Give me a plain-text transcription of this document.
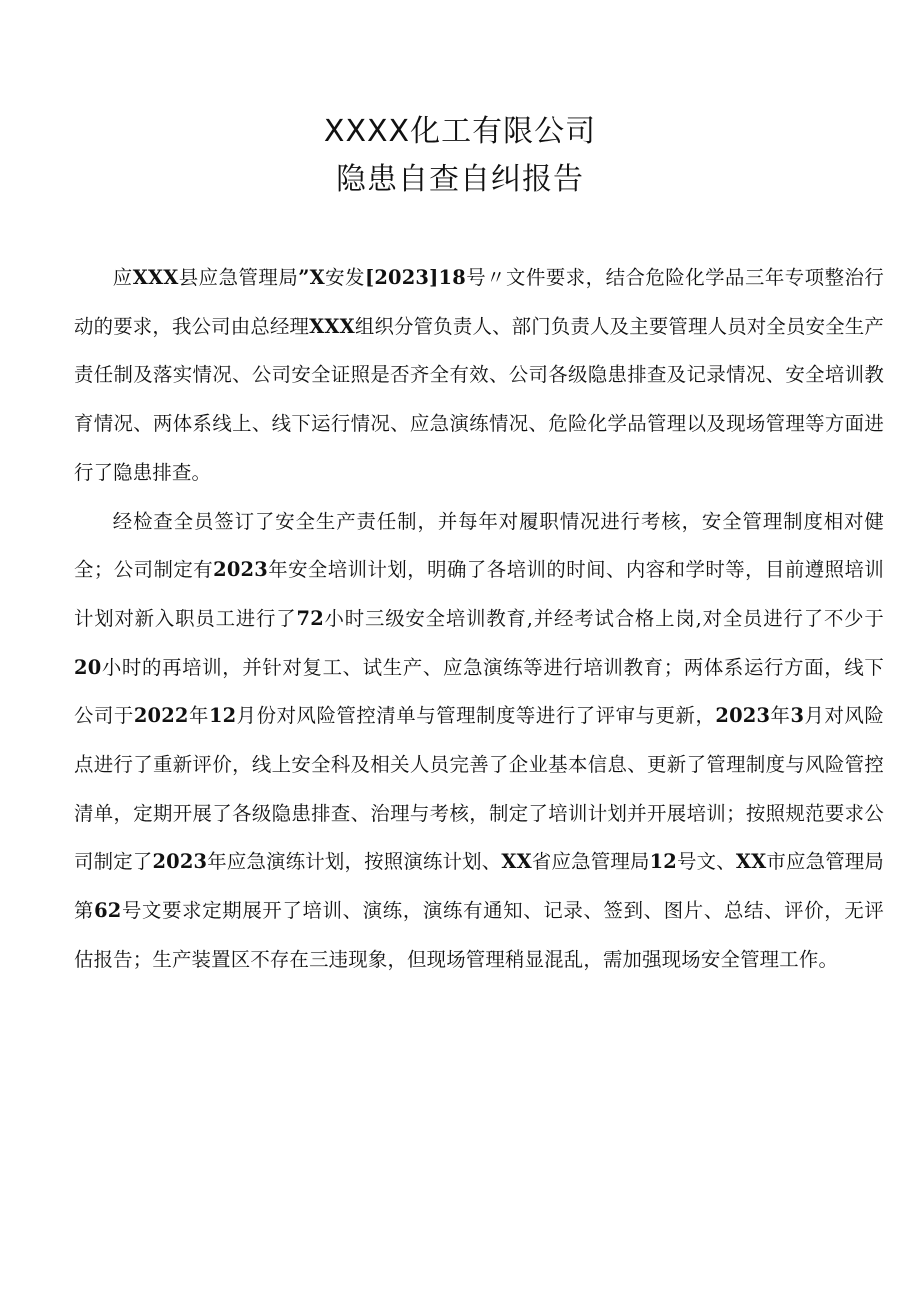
XXXX化工有限公司
隐患自查自纠报告

应XXX县应急管理局”X安发[2023]18号〃文件要求，结合危险化学品三年专项整治行动的要求，我公司由总经理XXX组织分管负责人、部门负责人及主要管理人员对全员安全生产责任制及落实情况、公司安全证照是否齐全有效、公司各级隐患排查及记录情况、安全培训教育情况、两体系线上、线下运行情况、应急演练情况、危险化学品管理以及现场管理等方面进行了隐患排查。

经检查全员签订了安全生产责任制，并每年对履职情况进行考核，安全管理制度相对健全；公司制定有2023年安全培训计划，明确了各培训的时间、内容和学时等，目前遵照培训计划对新入职员工进行了72小时三级安全培训教育,并经考试合格上岗,对全员进行了不少于20小时的再培训，并针对复工、试生产、应急演练等进行培训教育；两体系运行方面，线下公司于2022年12月份对风险管控清单与管理制度等进行了评审与更新，2023年3月对风险点进行了重新评价，线上安全科及相关人员完善了企业基本信息、更新了管理制度与风险管控清单，定期开展了各级隐患排查、治理与考核，制定了培训计划并开展培训；按照规范要求公司制定了2023年应急演练计划，按照演练计划、XX省应急管理局12号文、XX市应急管理局第62号文要求定期展开了培训、演练，演练有通知、记录、签到、图片、总结、评价，无评估报告；生产装置区不存在三违现象，但现场管理稍显混乱，需加强现场安全管理工作。
